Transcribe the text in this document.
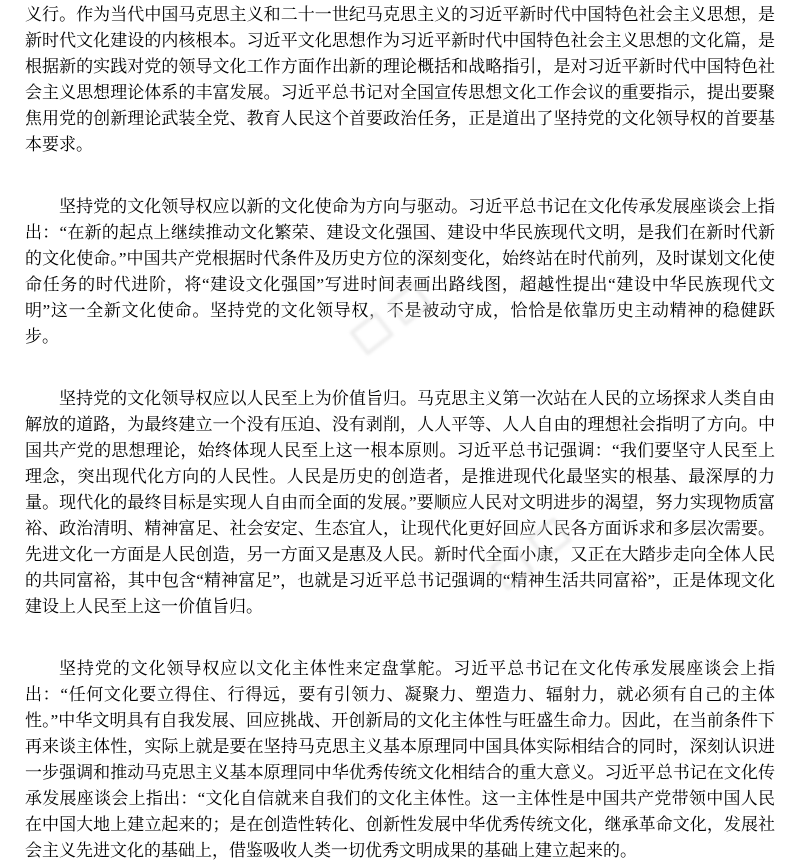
义行。作为当代中国马克思主义和二十一世纪马克思主义的习近平新时代中国特色社会主义思想，是新时代文化建设的内核根本。习近平文化思想作为习近平新时代中国特色社会主义思想的文化篇，是根据新的实践对党的领导文化工作方面作出新的理论概括和战略指引，是对习近平新时代中国特色社会主义思想理论体系的丰富发展。习近平总书记对全国宣传思想文化工作会议的重要指示，提出要聚焦用党的创新理论武装全党、教育人民这个首要政治任务，正是道出了坚持党的文化领导权的首要基本要求。

坚持党的文化领导权应以新的文化使命为方向与驱动。习近平总书记在文化传承发展座谈会上指出：“在新的起点上继续推动文化繁荣、建设文化强国、建设中华民族现代文明，是我们在新时代新的文化使命。”中国共产党根据时代条件及历史方位的深刻变化，始终站在时代前列，及时谋划文化使命任务的时代进阶，将“建设文化强国”写进时间表画出路线图，超越性提出“建设中华民族现代文明”这一全新文化使命。坚持党的文化领导权，不是被动守成，恰恰是依靠历史主动精神的稳健跃步。

坚持党的文化领导权应以人民至上为价值旨归。马克思主义第一次站在人民的立场探求人类自由解放的道路，为最终建立一个没有压迫、没有剥削，人人平等、人人自由的理想社会指明了方向。中国共产党的思想理论，始终体现人民至上这一根本原则。习近平总书记强调：“我们要坚守人民至上理念，突出现代化方向的人民性。人民是历史的创造者，是推进现代化最坚实的根基、最深厚的力量。现代化的最终目标是实现人自由而全面的发展。”要顺应人民对文明进步的渴望，努力实现物质富裕、政治清明、精神富足、社会安定、生态宜人，让现代化更好回应人民各方面诉求和多层次需要。先进文化一方面是人民创造，另一方面又是惠及人民。新时代全面小康，又正在大踏步走向全体人民的共同富裕，其中包含“精神富足”，也就是习近平总书记强调的“精神生活共同富裕”，正是体现文化建设上人民至上这一价值旨归。

坚持党的文化领导权应以文化主体性来定盘掌舵。习近平总书记在文化传承发展座谈会上指出：“任何文化要立得住、行得远，要有引领力、凝聚力、塑造力、辐射力，就必须有自己的主体性。”中华文明具有自我发展、回应挑战、开创新局的文化主体性与旺盛生命力。因此，在当前条件下再来谈主体性，实际上就是要在坚持马克思主义基本原理同中国具体实际相结合的同时，深刻认识进一步强调和推动马克思主义基本原理同中华优秀传统文化相结合的重大意义。习近平总书记在文化传承发展座谈会上指出：“文化自信就来自我们的文化主体性。这一主体性是中国共产党带领中国人民在中国大地上建立起来的；是在创造性转化、创新性发展中华优秀传统文化，继承革命文化，发展社会主义先进文化的基础上，借鉴吸收人类一切优秀文明成果的基础上建立起来的。
